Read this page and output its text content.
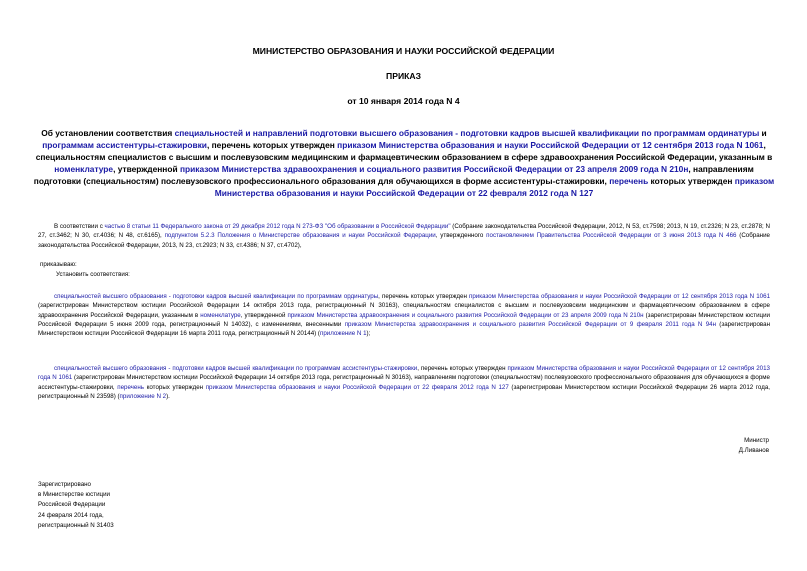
МИНИСТЕРСТВО ОБРАЗОВАНИЯ И НАУКИ РОССИЙСКОЙ ФЕДЕРАЦИИ
ПРИКАЗ
от 10 января 2014 года N 4
Об установлении соответствия специальностей и направлений подготовки высшего образования - подготовки кадров высшей квалификации по программам ординатуры и программам ассистентуры-стажировки, перечень которых утвержден приказом Министерства образования и науки Российской Федерации от 12 сентября 2013 года N 1061, специальностям специалистов с высшим и послевузовским медицинским и фармацевтическим образованием в сфере здравоохранения Российской Федерации, указанным в номенклатуре, утвержденной приказом Министерства здравоохранения и социального развития Российской Федерации от 23 апреля 2009 года N 210н, направлениям подготовки (специальностям) послевузовского профессионального образования для обучающихся в форме ассистентуры-стажировки, перечень которых утвержден приказом Министерства образования и науки Российской Федерации от 22 февраля 2012 года N 127
В соответствии с частью 8 статьи 11 Федерального закона от 29 декабря 2012 года N 273-ФЗ "Об образовании в Российской Федерации" (Собрание законодательства Российской Федерации, 2012, N 53, ст.7598; 2013, N 19, ст.2326; N 23, ст.2878; N 27, ст.3462; N 30, ст.4036; N 48, ст.6165), подпунктом 5.2.3 Положения о Министерстве образования и науки Российской Федерации, утвержденного постановлением Правительства Российской Федерации от 3 июня 2013 года N 466 (Собрание законодательства Российской Федерации, 2013, N 23, ст.2923; N 33, ст.4386; N 37, ст.4702),
приказываю:
Установить соответствия:
специальностей высшего образования - подготовки кадров высшей квалификации по программам ординатуры, перечень которых утвержден приказом Министерства образования и науки Российской Федерации от 12 сентября 2013 года N 1061 (зарегистрирован Министерством юстиции Российской Федерации 14 октября 2013 года, регистрационный N 30163), специальностям специалистов с высшим и послевузовским медицинским и фармацевтическим образованием в сфере здравоохранения Российской Федерации, указанным в номенклатуре, утвержденной приказом Министерства здравоохранения и социального развития Российской Федерации от 23 апреля 2009 года N 210н (зарегистрирован Министерством юстиции Российской Федерации 5 июня 2009 года, регистрационный N 14032), с изменениями, внесенными приказом Министерства здравоохранения и социального развития Российской Федерации от 9 февраля 2011 года N 94н (зарегистрирован Министерством юстиции Российской Федерации 16 марта 2011 года, регистрационный N 20144) (приложение N 1);
специальностей высшего образования - подготовки кадров высшей квалификации по программам ассистентуры-стажировки, перечень которых утвержден приказом Министерства образования и науки Российской Федерации от 12 сентября 2013 года N 1061 (зарегистрирован Министерством юстиции Российской Федерации 14 октября 2013 года, регистрационный N 30163), направлениям подготовки (специальностям) послевузовского профессионального образования для обучающихся в форме ассистентуры-стажировки, перечень которых утвержден приказом Министерства образования и науки Российской Федерации от 22 февраля 2012 года N 127 (зарегистрирован Министерством юстиции Российской Федерации 26 марта 2012 года, регистрационный N 23598) (приложение N 2).
Министр
Д.Ливанов
Зарегистрировано
в Министерстве юстиции
Российской Федерации
24 февраля 2014 года,
регистрационный N 31403
